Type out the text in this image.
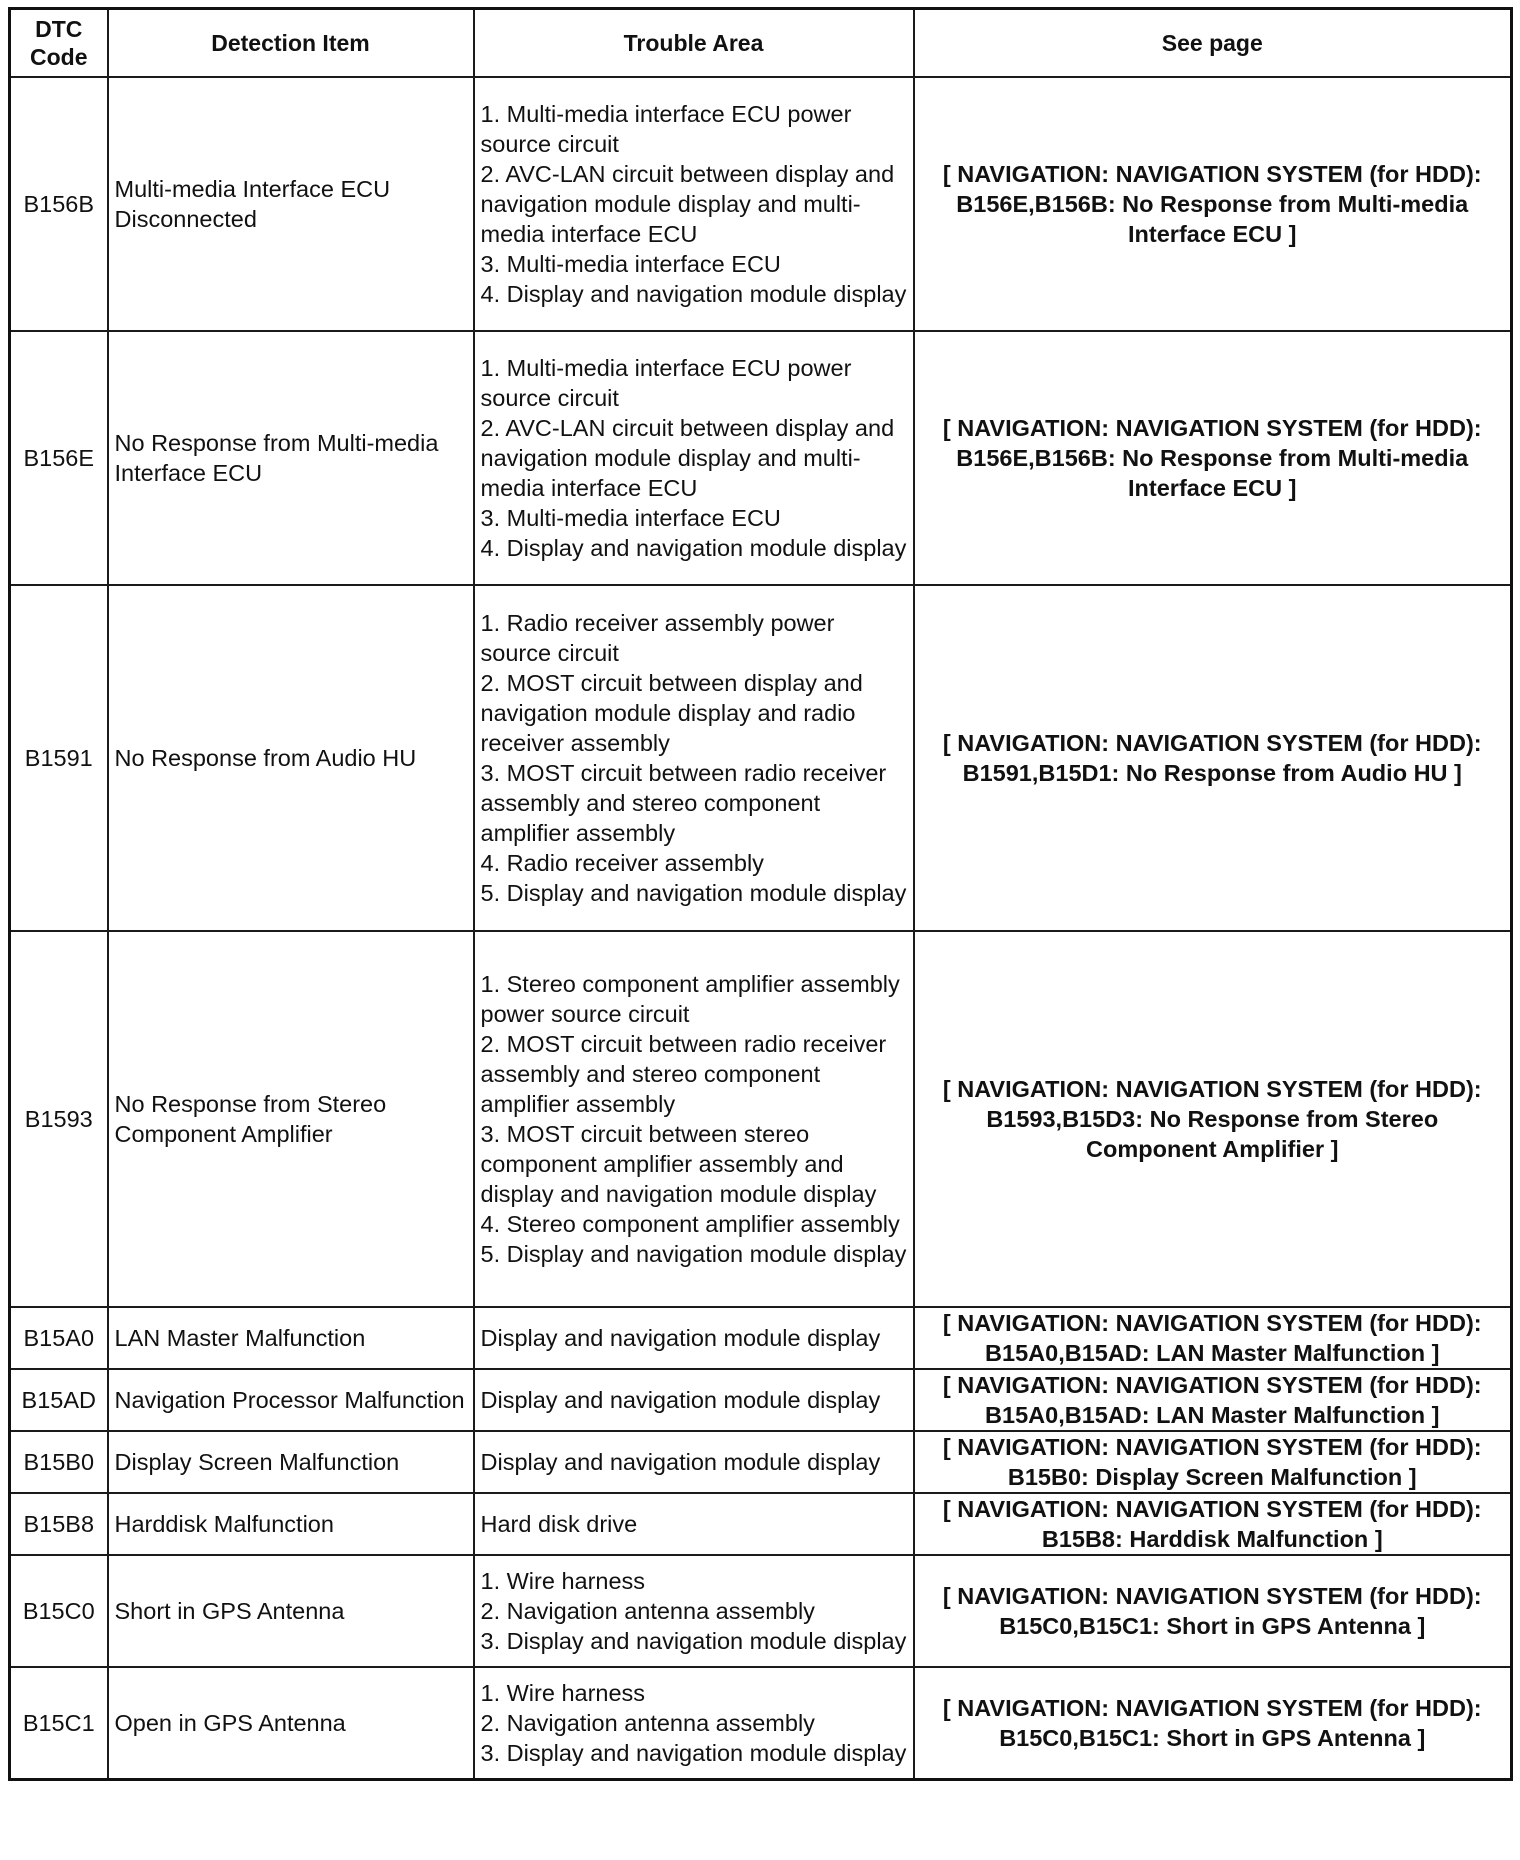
DTC Code	Detection Item	Trouble Area	See page
B156B	Multi-media Interface ECU Disconnected	1. Multi-media interface ECU power source circuit
2. AVC-LAN circuit between display and navigation module display and multi-media interface ECU
3. Multi-media interface ECU
4. Display and navigation module display	[ NAVIGATION: NAVIGATION SYSTEM (for HDD): B156E,B156B: No Response from Multi-media Interface ECU ]
B156E	No Response from Multi-media Interface ECU	1. Multi-media interface ECU power source circuit
2. AVC-LAN circuit between display and navigation module display and multi-media interface ECU
3. Multi-media interface ECU
4. Display and navigation module display	[ NAVIGATION: NAVIGATION SYSTEM (for HDD): B156E,B156B: No Response from Multi-media Interface ECU ]
B1591	No Response from Audio HU	1. Radio receiver assembly power source circuit
2. MOST circuit between display and navigation module display and radio receiver assembly
3. MOST circuit between radio receiver assembly and stereo component amplifier assembly
4. Radio receiver assembly
5. Display and navigation module display	[ NAVIGATION: NAVIGATION SYSTEM (for HDD): B1591,B15D1: No Response from Audio HU ]
B1593	No Response from Stereo Component Amplifier	1. Stereo component amplifier assembly power source circuit
2. MOST circuit between radio receiver assembly and stereo component amplifier assembly
3. MOST circuit between stereo component amplifier assembly and display and navigation module display
4. Stereo component amplifier assembly
5. Display and navigation module display	[ NAVIGATION: NAVIGATION SYSTEM (for HDD): B1593,B15D3: No Response from Stereo Component Amplifier ]
B15A0	LAN Master Malfunction	Display and navigation module display	[ NAVIGATION: NAVIGATION SYSTEM (for HDD): B15A0,B15AD: LAN Master Malfunction ]
B15AD	Navigation Processor Malfunction	Display and navigation module display	[ NAVIGATION: NAVIGATION SYSTEM (for HDD): B15A0,B15AD: LAN Master Malfunction ]
B15B0	Display Screen Malfunction	Display and navigation module display	[ NAVIGATION: NAVIGATION SYSTEM (for HDD): B15B0: Display Screen Malfunction ]
B15B8	Harddisk Malfunction	Hard disk drive	[ NAVIGATION: NAVIGATION SYSTEM (for HDD): B15B8: Harddisk Malfunction ]
B15C0	Short in GPS Antenna	1. Wire harness
2. Navigation antenna assembly
3. Display and navigation module display	[ NAVIGATION: NAVIGATION SYSTEM (for HDD): B15C0,B15C1: Short in GPS Antenna ]
B15C1	Open in GPS Antenna	1. Wire harness
2. Navigation antenna assembly
3. Display and navigation module display	[ NAVIGATION: NAVIGATION SYSTEM (for HDD): B15C0,B15C1: Short in GPS Antenna ]
